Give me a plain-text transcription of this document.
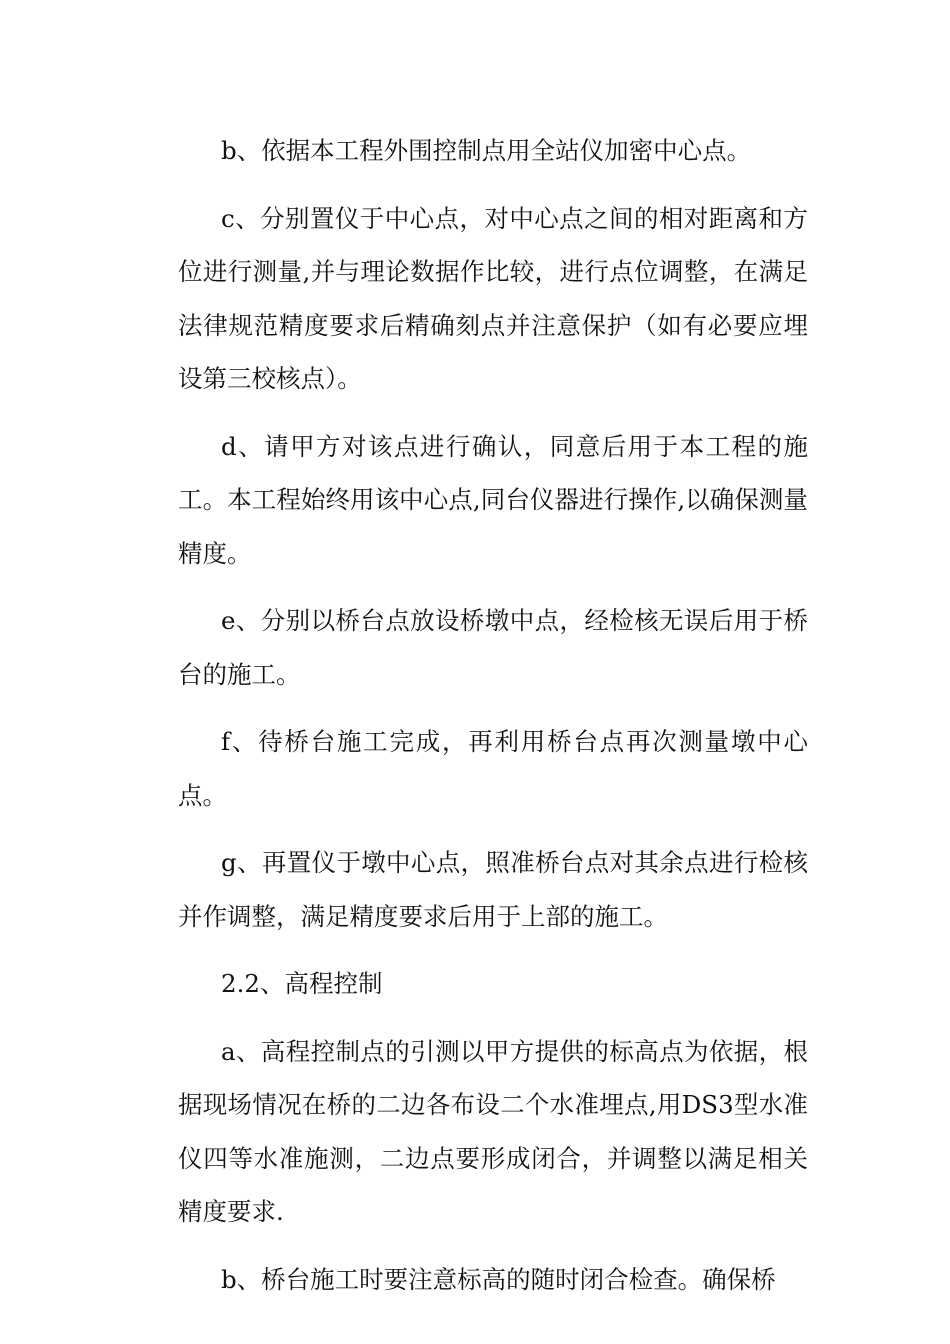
b、依据本工程外围控制点用全站仪加密中心点。

c、分别置仪于中心点，对中心点之间的相对距离和方位进行测量,并与理论数据作比较，进行点位调整，在满足法律规范精度要求后精确刻点并注意保护（如有必要应埋设第三校核点）。

d、请甲方对该点进行确认，同意后用于本工程的施工。本工程始终用该中心点,同台仪器进行操作,以确保测量精度。

e、分别以桥台点放设桥墩中点，经检核无误后用于桥台的施工。

f、待桥台施工完成，再利用桥台点再次测量墩中心点。

g、再置仪于墩中心点，照准桥台点对其余点进行检核并作调整，满足精度要求后用于上部的施工。

2.2、高程控制

a、高程控制点的引测以甲方提供的标高点为依据，根据现场情况在桥的二边各布设二个水准埋点,用DS3型水准仪四等水准施测，二边点要形成闭合，并调整以满足相关精度要求.

b、桥台施工时要注意标高的随时闭合检查。确保桥
